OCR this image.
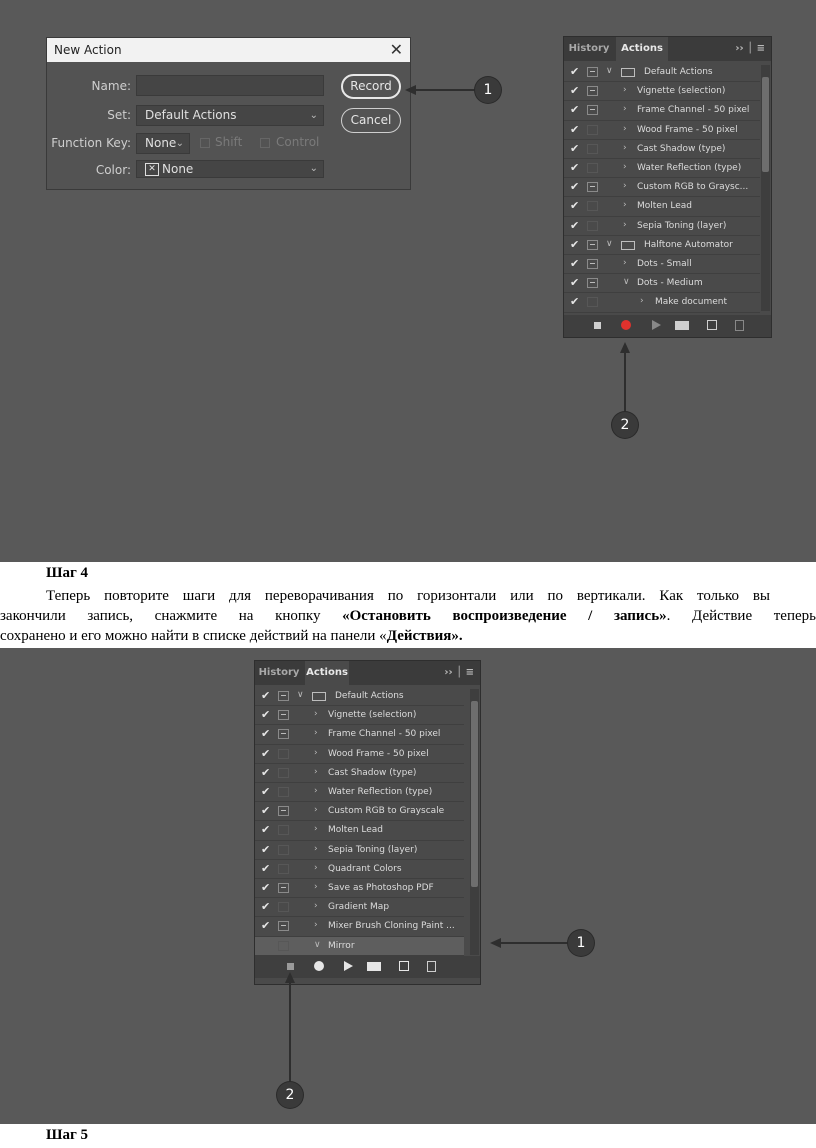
New Action	✕
Name:
Set:	Default Actions	⌄
Function Key:	None ⌄	Shift	Control
Color:	✕ None	⌄
Record
Cancel
1
History	Actions	›› │ ≡
✔	∨	Default Actions
✔	› Vignette (selection)
✔	› Frame Channel - 50 pixel
✔	› Wood Frame - 50 pixel
✔	› Cast Shadow (type)
✔	› Water Reflection (type)
✔	› Custom RGB to Graysc...
✔	› Molten Lead
✔	› Sepia Toning (layer)
✔	∨	Halftone Automator
✔	› Dots - Small
✔	∨ Dots - Medium
✔	› Make document
2
Шаг 4
Теперь повторите шаги для переворачивания по горизонтали или по вертикали. Как только вы
закончили запись, снажмите на кнопку «Остановить воспроизведение / запись». Действие теперь
сохранено и его можно найти в списке действий на панели «Действия».
History Actions	›› │ ≡
✔	∨	Default Actions
✔	› Vignette (selection)
✔	› Frame Channel - 50 pixel
✔	› Wood Frame - 50 pixel
✔	› Cast Shadow (type)
✔	› Water Reflection (type)
✔	› Custom RGB to Grayscale
✔	› Molten Lead
✔	› Sepia Toning (layer)
✔	› Quadrant Colors
✔	› Save as Photoshop PDF
✔	› Gradient Map
✔	› Mixer Brush Cloning Paint ...
∨ Mirror	1
2
Шаг 5
